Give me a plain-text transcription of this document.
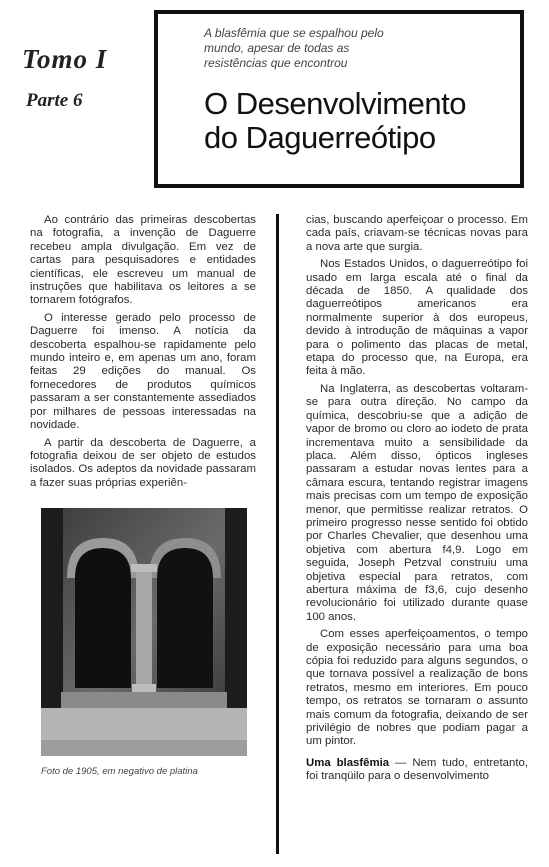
Tomo I
Parte 6
A blasfêmia que se espalhou pelo mundo, apesar de todas as resistências que encontrou
O Desenvolvimento
do Daguerreótipo

Ao contrário das primeiras descobertas na fotografia, a invenção de Daguerre recebeu ampla divulgação. Em vez de cartas para pesquisadores e entidades científicas, ele escreveu um manual de instruções que habilitava os leitores a se tornarem fotógrafos.

O interesse gerado pelo processo de Daguerre foi imenso. A notícia da descoberta espalhou-se rapidamente pelo mundo inteiro e, em apenas um ano, foram feitas 29 edições do manual. Os fornecedores de produtos químicos passaram a ser constantemente assediados por milhares de pessoas interessadas na novidade.

A partir da descoberta de Daguerre, a fotografia deixou de ser objeto de estudos isolados. Os adeptos da novidade passaram a fazer suas próprias experiên-

Foto de 1905, em negativo de platina

cias, buscando aperfeiçoar o processo. Em cada país, criavam-se técnicas novas para a nova arte que surgia.

Nos Estados Unidos, o daguerreótipo foi usado em larga escala até o final da década de 1850. A qualidade dos daguerreótipos americanos era normalmente superior à dos europeus, devido à introdução de máquinas a vapor para o polimento das placas de metal, etapa do processo que, na Europa, era feita à mão.

Na Inglaterra, as descobertas voltaram-se para outra direção. No campo da química, descobriu-se que a adição de vapor de bromo ou cloro ao iodeto de prata incrementava muito a sensibilidade da placa. Além disso, ópticos ingleses passaram a estudar novas lentes para a câmara escura, tentando registrar imagens mais precisas com um tempo de exposição menor, que permitisse realizar retratos. O primeiro progresso nesse sentido foi obtido por Charles Chevalier, que desenhou uma objetiva com abertura f4,9. Logo em seguida, Joseph Petzval construiu uma objetiva especial para retratos, com abertura máxima de f3,6, cujo desenho revolucionário foi utilizado durante quase 100 anos.

Com esses aperfeiçoamentos, o tempo de exposição necessário para uma boa cópia foi reduzido para alguns segundos, o que tornava possível a realização de bons retratos, mesmo em interiores. Em pouco tempo, os retratos se tornaram o assunto mais comum da fotografia, deixando de ser privilégio de nobres que podiam pagar a um pintor.

Uma blasfêmia — Nem tudo, entretanto, foi tranqüilo para o desenvolvimento
